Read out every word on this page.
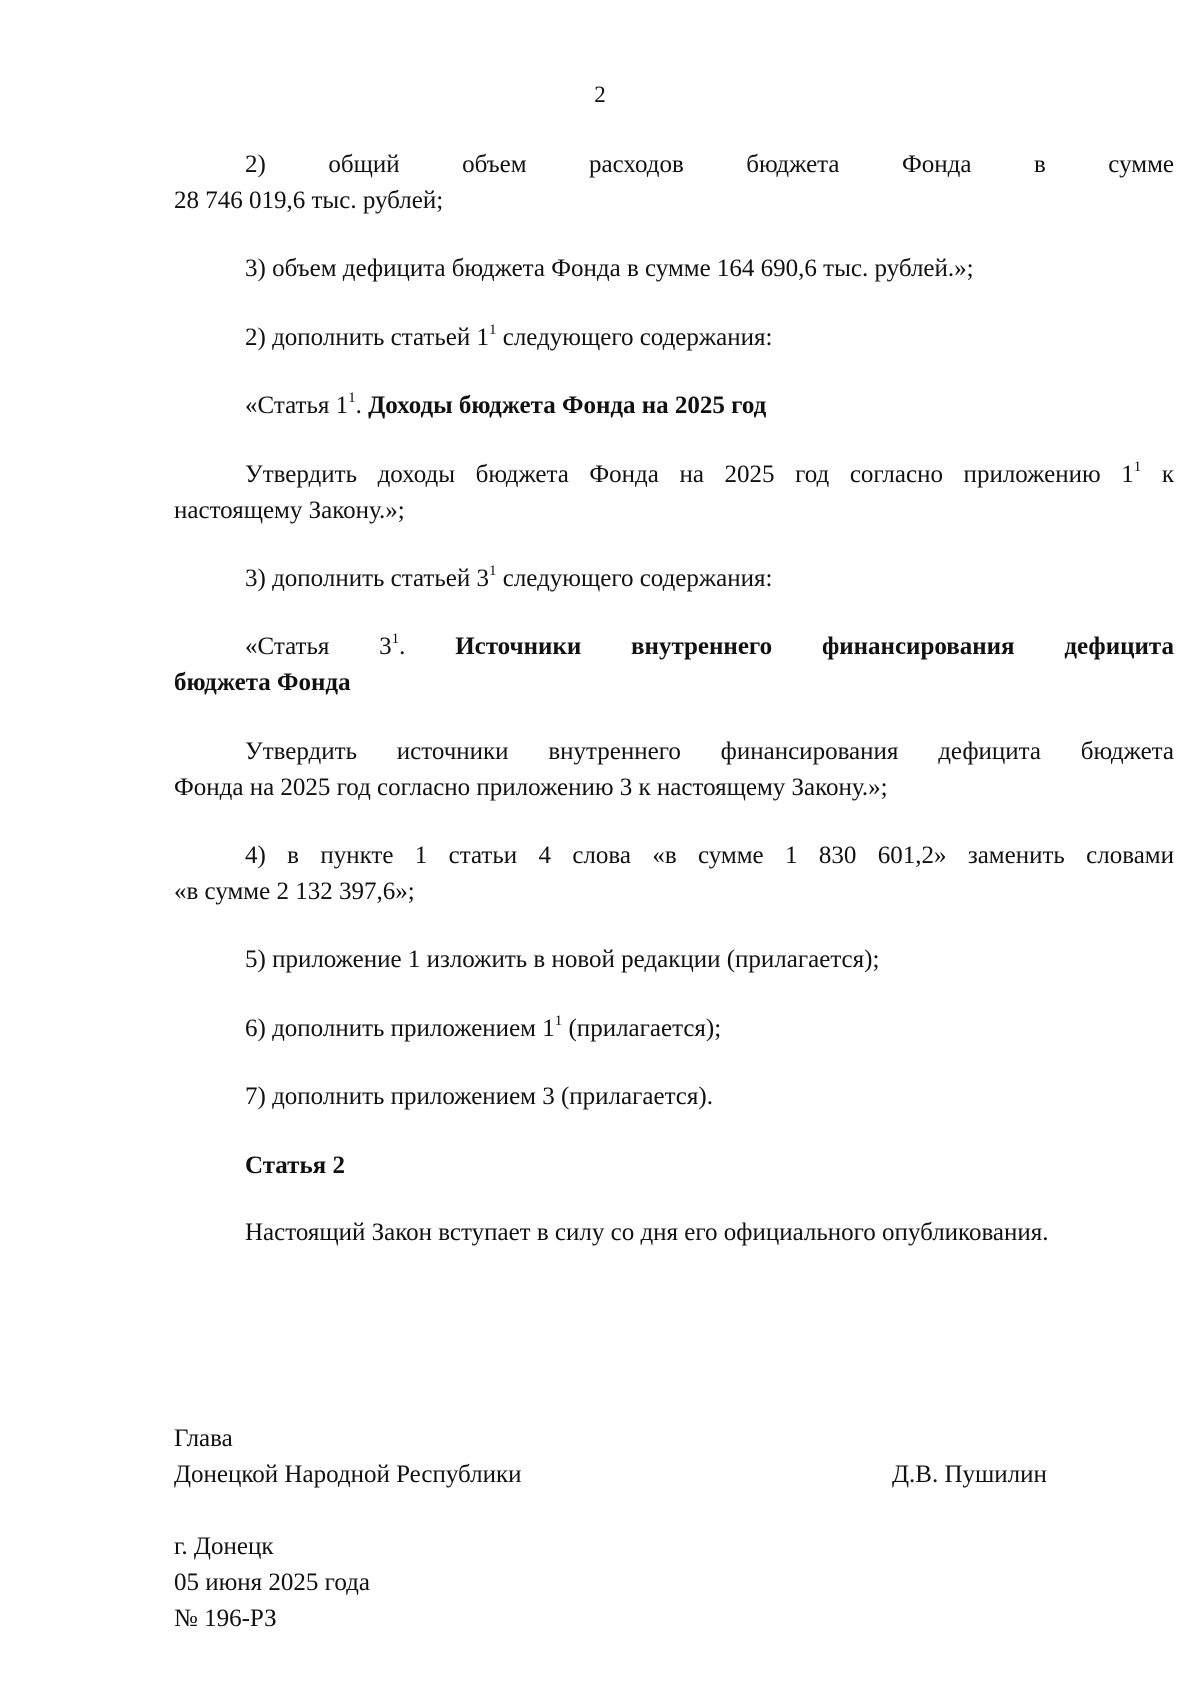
2
2) общий объем расходов бюджета Фонда в сумме
28 746 019,6 тыс. рублей;
3) объем дефицита бюджета Фонда в сумме 164 690,6 тыс. рублей.»;
2) дополнить статьей $1^1$ следующего содержания:
«Статья $1^1$. Доходы бюджета Фонда на 2025 год
Утвердить доходы бюджета Фонда на 2025 год согласно приложению $1^1$ к
настоящему Закону.»;
3) дополнить статьей $3^1$ следующего содержания:
«Статья $3^1$. Источники внутреннего финансирования дефицита
бюджета Фонда
Утвердить источники внутреннего финансирования дефицита бюджета
Фонда на 2025 год согласно приложению 3 к настоящему Закону.»;
4) в пункте 1 статьи 4 слова «в сумме 1 830 601,2» заменить словами
«в сумме 2 132 397,6»;
5) приложение 1 изложить в новой редакции (прилагается);
6) дополнить приложением $1^1$ (прилагается);
7) дополнить приложением 3 (прилагается).
Статья 2
Настоящий Закон вступает в силу со дня его официального опубликования.
Глава
Донецкой Народной Республики	Д.В. Пушилин
г. Донецк
05 июня 2025 года
№ 196-РЗ
